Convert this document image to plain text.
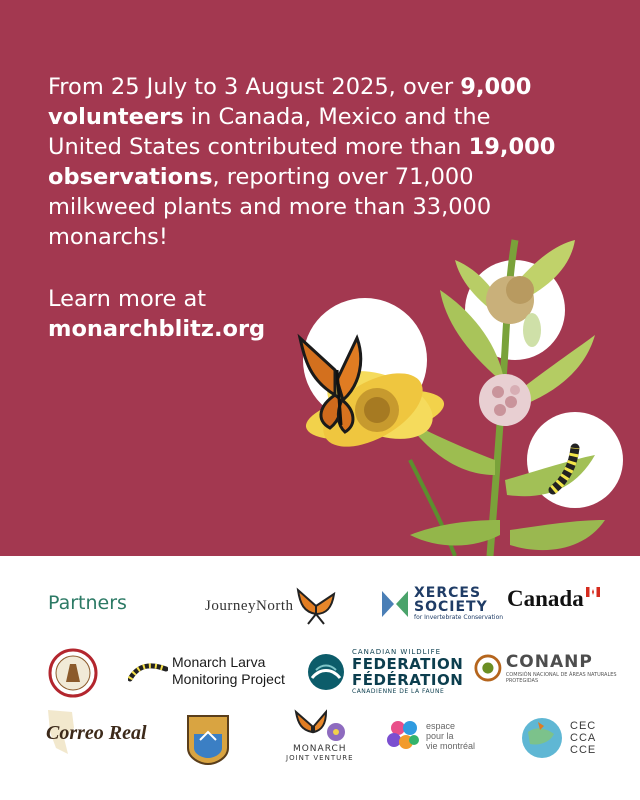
From 25 July to 3 August 2025, over 9,000 volunteers in Canada, Mexico and the United States contributed more than 19,000 observations, reporting over 71,000 milkweed plants and more than 33,000 monarchs!

Learn more at
monarchblitz.org
Partners	JourneyNorth
XERCES
SOCIETY
for Invertebrate Conservation
Canada
Monarch Larva
Monitoring Project
CANADIAN WILDLIFE
FEDERATION
FÉDÉRATION
CANADIENNE DE LA FAUNE
CONANP
COMISIÓN NACIONAL DE ÁREAS NATURALES PROTEGIDAS
Correo Real
MONARCH
JOINT VENTURE
espace
pour la
vie montréal
CEC
CCA
CCE
